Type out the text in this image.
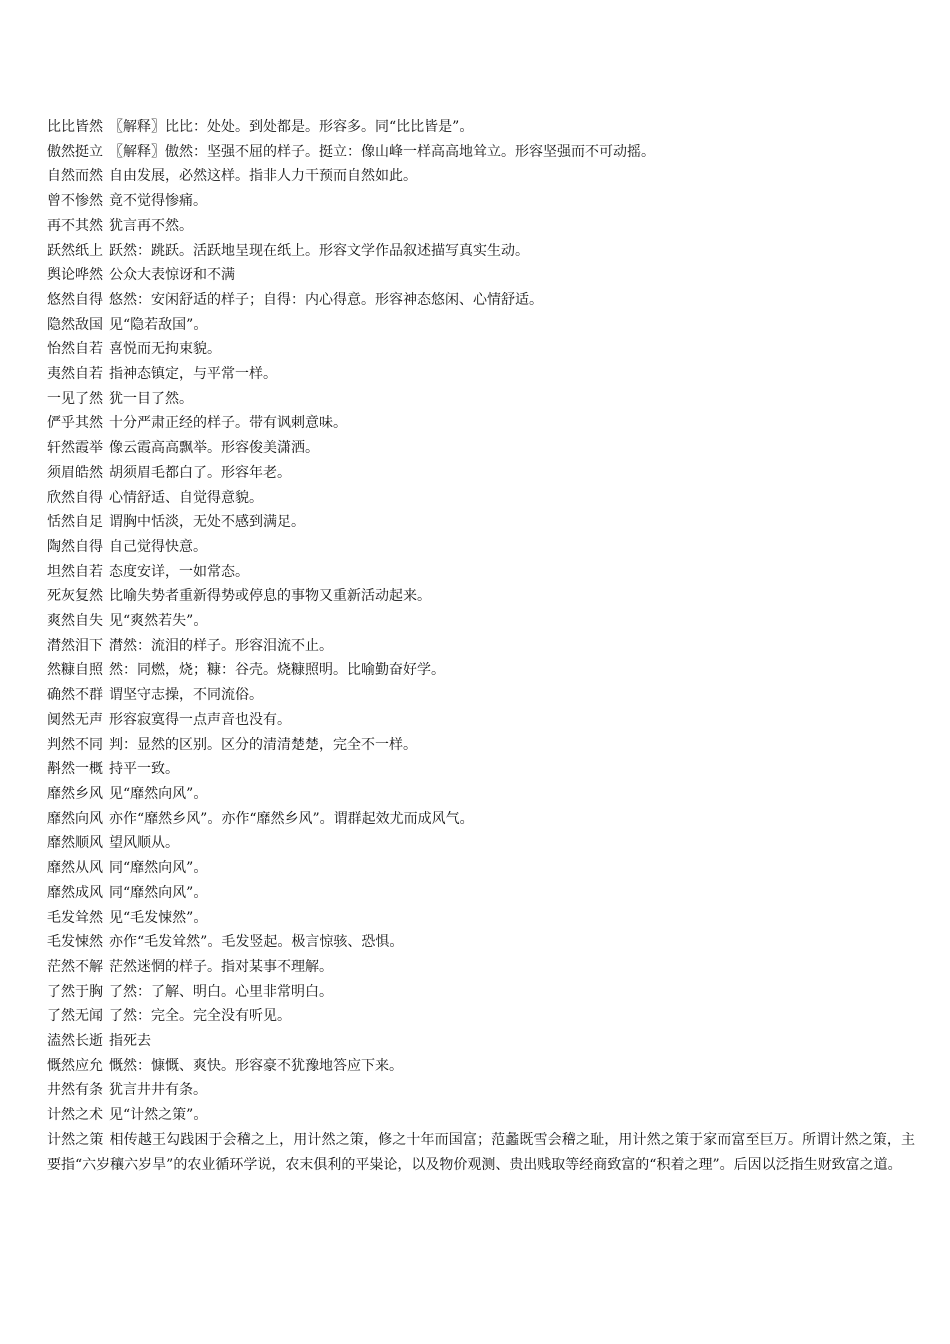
比比皆然 〖解释〗比比：处处。到处都是。形容多。同“比比皆是”。

傲然挺立 〖解释〗傲然：坚强不屈的样子。挺立：像山峰一样高高地耸立。形容坚强而不可动摇。

自然而然 自由发展，必然这样。指非人力干预而自然如此。

曾不惨然 竟不觉得惨痛。

再不其然 犹言再不然。

跃然纸上 跃然：跳跃。活跃地呈现在纸上。形容文学作品叙述描写真实生动。

舆论哗然 公众大表惊讶和不满

悠然自得 悠然：安闲舒适的样子；自得：内心得意。形容神态悠闲、心情舒适。

隐然敌国 见“隐若敌国”。

怡然自若 喜悦而无拘束貌。

夷然自若 指神态镇定，与平常一样。

一见了然 犹一目了然。

俨乎其然 十分严肃正经的样子。带有讽刺意味。

轩然霞举 像云霞高高飘举。形容俊美潇洒。

须眉皓然 胡须眉毛都白了。形容年老。

欣然自得 心情舒适、自觉得意貌。

恬然自足 谓胸中恬淡，无处不感到满足。

陶然自得 自己觉得快意。

坦然自若 态度安详，一如常态。

死灰复然 比喻失势者重新得势或停息的事物又重新活动起来。

爽然自失 见“爽然若失”。

潸然泪下 潸然：流泪的样子。形容泪流不止。

然糠自照 然：同燃，烧；糠：谷壳。烧糠照明。比喻勤奋好学。

确然不群 谓坚守志操，不同流俗。

阒然无声 形容寂寞得一点声音也没有。

判然不同 判：显然的区别。区分的清清楚楚，完全不一样。

斠然一概 持平一致。

靡然乡风 见“靡然向风”。

靡然向风 亦作“靡然乡风”。亦作“靡然乡风”。谓群起效尤而成风气。

靡然顺风 望风顺从。

靡然从风 同“靡然向风”。

靡然成风 同“靡然向风”。

毛发耸然 见“毛发悚然”。

毛发悚然 亦作“毛发耸然”。毛发竖起。极言惊骇、恐惧。

茫然不解 茫然迷惘的样子。指对某事不理解。

了然于胸 了然：了解、明白。心里非常明白。

了然无闻 了然：完全。完全没有听见。

溘然长逝 指死去

慨然应允 慨然：慷慨、爽快。形容豪不犹豫地答应下来。

井然有条 犹言井井有条。

计然之术 见“计然之策”。

计然之策 相传越王勾践困于会稽之上，用计然之策，修之十年而国富；范蠡既雪会稽之耻，用计然之策于家而富至巨万。所谓计然之策，主要指“六岁穰六岁旱”的农业循环学说，农末俱利的平粜论，以及物价观测、贵出贱取等经商致富的“积着之理”。后因以泛指生财致富之道。
